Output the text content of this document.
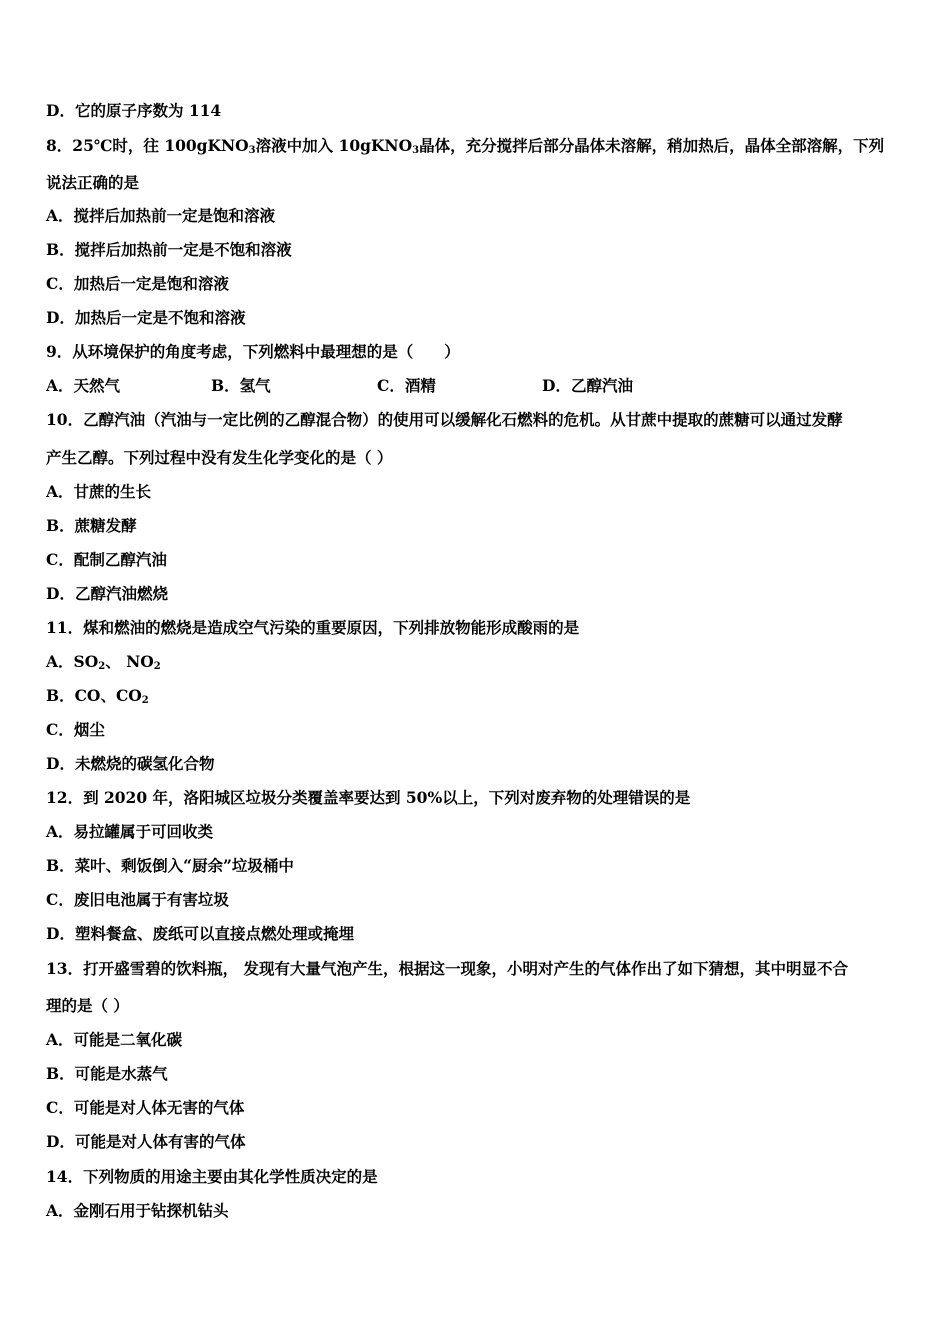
D．它的原子序数为 114
8．25℃时，往 100gKNO$_3$溶液中加入 10gKNO$_3$晶体，充分搅拌后部分晶体未溶解，稍加热后，晶体全部溶解，下列
说法正确的是
A．搅拌后加热前一定是饱和溶液
B．搅拌后加热前一定是不饱和溶液
C．加热后一定是饱和溶液
D．加热后一定是不饱和溶液
9．从环境保护的角度考虑，下列燃料中最理想的是（　　）
A．天然气	B．氢气	C．酒精	D．乙醇汽油
10．乙醇汽油（汽油与一定比例的乙醇混合物）的使用可以缓解化石燃料的危机。从甘蔗中提取的蔗糖可以通过发酵
产生乙醇。下列过程中没有发生化学变化的是（ ）
A．甘蔗的生长
B．蔗糖发酵
C．配制乙醇汽油
D．乙醇汽油燃烧
11．煤和燃油的燃烧是造成空气污染的重要原因，下列排放物能形成酸雨的是
A．$SO_2$、 $NO_2$
B．CO、$CO_2$
C．烟尘
D．未燃烧的碳氢化合物
12．到 2020 年，洛阳城区垃圾分类覆盖率要达到 50%以上，下列对废弃物的处理错误的是
A．易拉罐属于可回收类
B．菜叶、剩饭倒入“厨余”垃圾桶中
C．废旧电池属于有害垃圾
D．塑料餐盒、废纸可以直接点燃处理或掩埋
13．打开盛雪碧的饮料瓶， 发现有大量气泡产生，根据这一现象，小明对产生的气体作出了如下猜想，其中明显不合
理的是（ ）
A．可能是二氧化碳
B．可能是水蒸气
C．可能是对人体无害的气体
D．可能是对人体有害的气体
14．下列物质的用途主要由其化学性质决定的是
A．金刚石用于钻探机钻头
